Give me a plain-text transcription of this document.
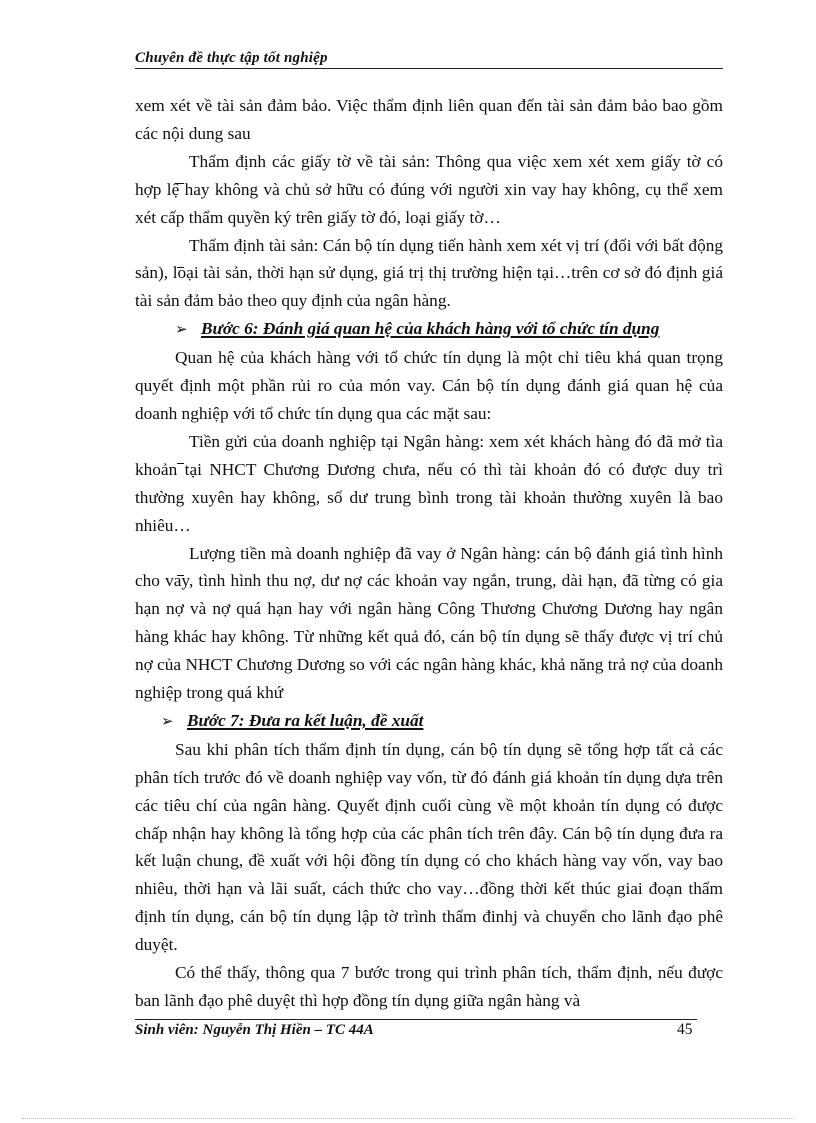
Chuyên đề thực tập tốt nghiệp

xem xét về tài sản đảm bảo. Việc thẩm định liên quan đến tài sản đảm bảo bao gồm các nội dung sau

Thẩm định các giấy tờ về tài sản: Thông qua việc xem xét xem giấy tờ có hợp lệ hay không và chủ sở hữu có đúng với người xin vay hay không, cụ thể xem xét cấp thẩm quyền ký trên giấy tờ đó, loại giấy tờ…

Thẩm định tài sản: Cán bộ tín dụng tiến hành xem xét vị trí (đối với bất động sản), loại tài sản, thời hạn sử dụng, giá trị thị trường hiện tại…trên cơ sở đó định giá tài sản đảm bảo theo quy định của ngân hàng.

➢ Bước 6: Đánh giá quan hệ của khách hàng với tổ chức tín dụng

Quan hệ của khách hàng với tổ chức tín dụng là một chỉ tiêu khá quan trọng quyết định một phần rủi ro của món vay. Cán bộ tín dụng đánh giá quan hệ của doanh nghiệp với tổ chức tín dụng qua các mặt sau:

Tiền gửi của doanh nghiệp tại Ngân hàng: xem xét khách hàng đó đã mở tìa khoản tại NHCT Chương Dương chưa, nếu có thì tài khoản đó có được duy trì thường xuyên hay không, số dư trung bình trong tài khoản thường xuyên là bao nhiêu…

Lượng tiền mà doanh nghiệp đã vay ở Ngân hàng: cán bộ đánh giá tình hình cho vay, tình hình thu nợ, dư nợ các khoản vay ngắn, trung, dài hạn, đã từng có gia hạn nợ và nợ quá hạn hay với ngân hàng Công Thương Chương Dương hay ngân hàng khác hay không. Từ những kết quả đó, cán bộ tín dụng sẽ thấy được vị trí chủ nợ của NHCT Chương Dương so với các ngân hàng khác, khả năng trả nợ của doanh nghiệp trong quá khứ

➢ Bước 7: Đưa ra kết luận, đề xuất

Sau khi phân tích thẩm định tín dụng, cán bộ tín dụng sẽ tổng hợp tất cả các phân tích trước đó về doanh nghiệp vay vốn, từ đó đánh giá khoản tín dụng dựa trên các tiêu chí của ngân hàng. Quyết định cuối cùng về một khoản tín dụng có được chấp nhận hay không là tổng hợp của các phân tích trên đây. Cán bộ tín dụng đưa ra kết luận chung, đề xuất với hội đồng tín dụng có cho khách hàng vay vốn, vay bao nhiêu, thời hạn và lãi suất, cách thức cho vay…đồng thời kết thúc giai đoạn thẩm định tín dụng, cán bộ tín dụng lập tờ trình thẩm đinhj và chuyển cho lãnh đạo phê duyệt.

Có thể thấy, thông qua 7 bước trong qui trình phân tích, thẩm định, nếu được ban lãnh đạo phê duyệt thì hợp đồng tín dụng giữa ngân hàng và

Sinh viên: Nguyễn Thị Hiền – TC 44A	45
